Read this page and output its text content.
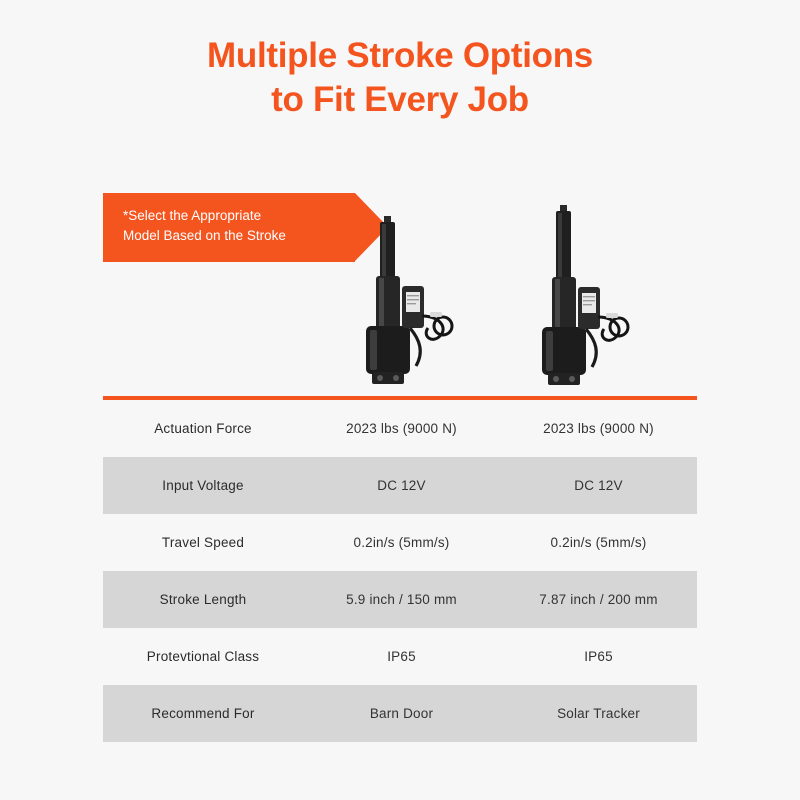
Multiple Stroke Options
to Fit Every Job
*Select the Appropriate
Model Based on the Stroke
Actuation Force	2023 lbs (9000 N)	2023 lbs (9000 N)
Input Voltage	DC 12V	DC 12V
Travel Speed	0.2in/s (5mm/s)	0.2in/s (5mm/s)
Stroke Length	5.9 inch / 150 mm	7.87 inch / 200 mm
Protevtional Class	IP65	IP65
Recommend For	Barn Door	Solar Tracker
